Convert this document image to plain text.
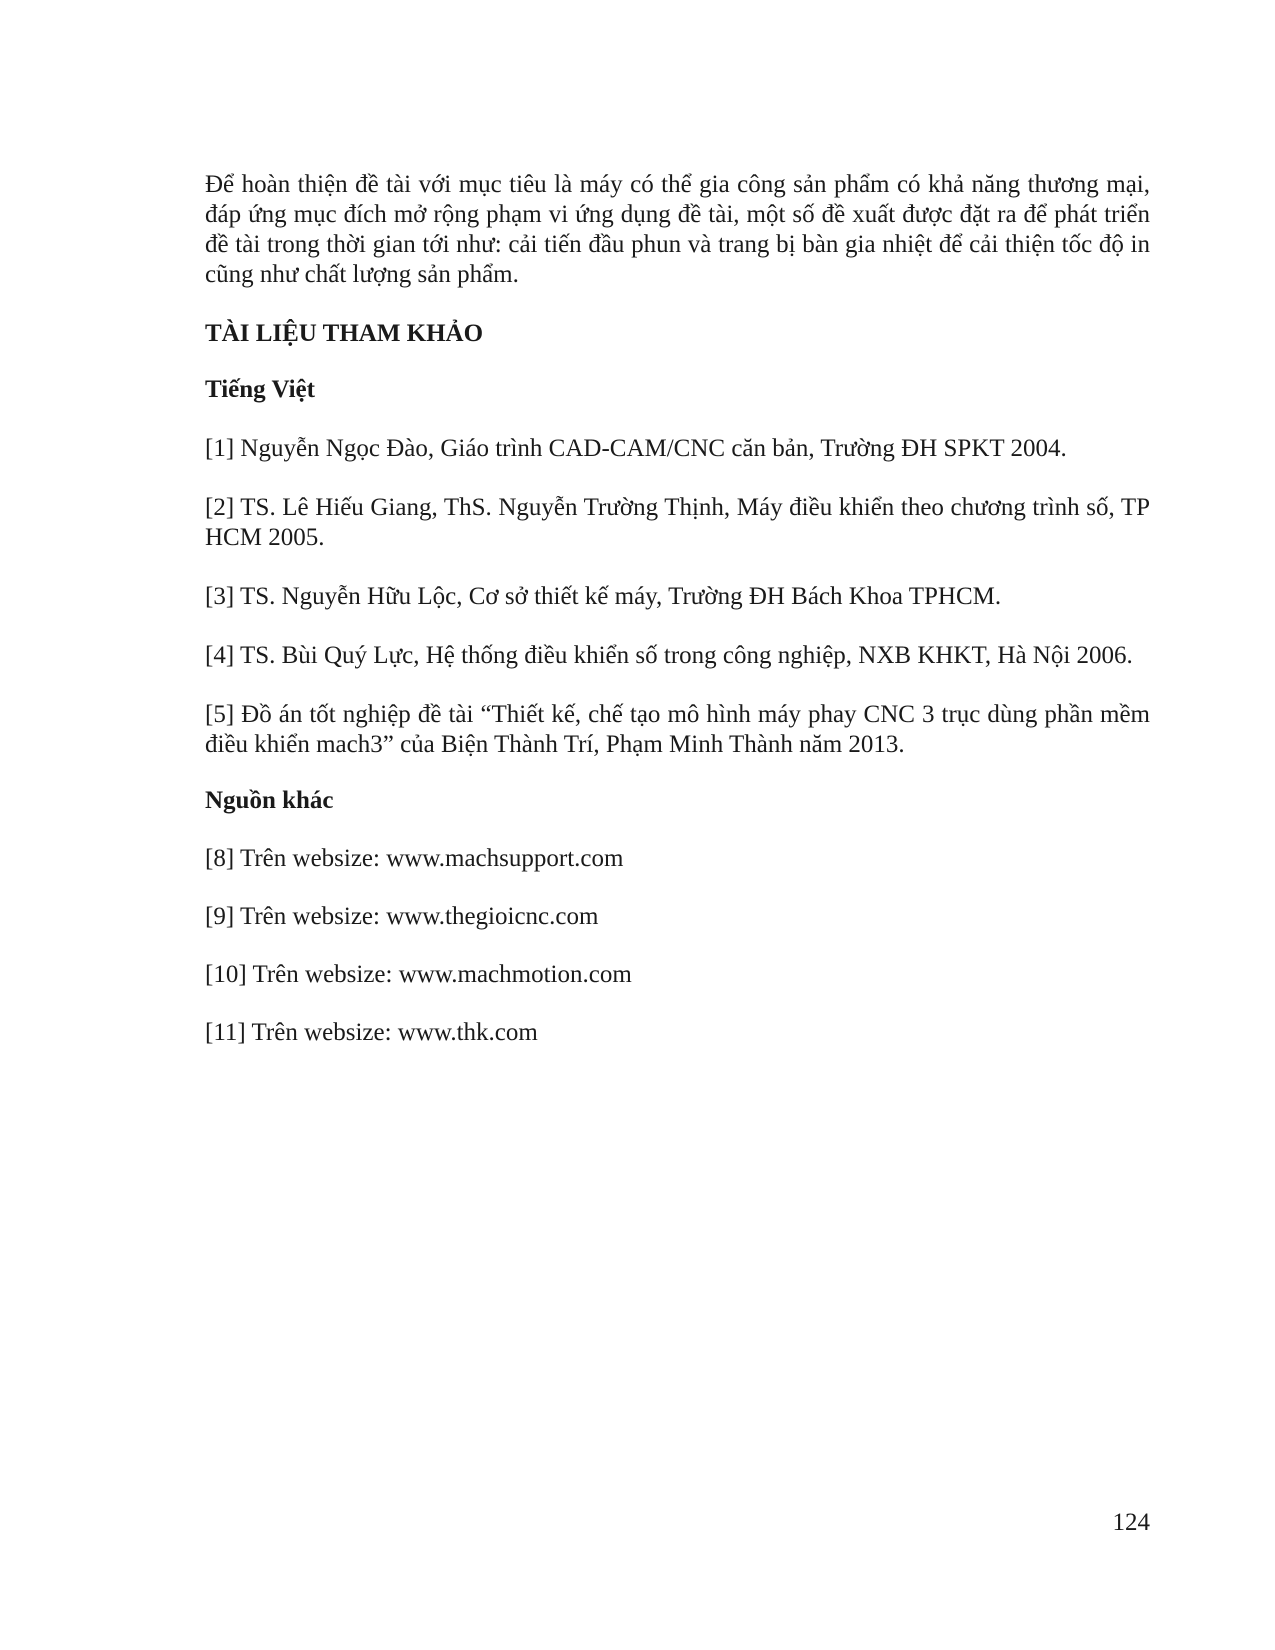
Để hoàn thiện đề tài với mục tiêu là máy có thể gia công sản phẩm có khả năng thương mại, đáp ứng mục đích mở rộng phạm vi ứng dụng đề tài, một số đề xuất được đặt ra để phát triển đề tài trong thời gian tới như: cải tiến đầu phun và trang bị bàn gia nhiệt để cải thiện tốc độ in cũng như chất lượng sản phẩm.

TÀI LIỆU THAM KHẢO

Tiếng Việt

[1] Nguyễn Ngọc Đào, Giáo trình CAD-CAM/CNC căn bản, Trường ĐH SPKT 2004.

[2] TS. Lê Hiếu Giang, ThS. Nguyễn Trường Thịnh, Máy điều khiển theo chương trình số, TP HCM 2005.

[3] TS. Nguyễn Hữu Lộc, Cơ sở thiết kế máy, Trường ĐH Bách Khoa TPHCM.

[4] TS. Bùi Quý Lực, Hệ thống điều khiển số trong công nghiệp, NXB KHKT, Hà Nội 2006.

[5] Đồ án tốt nghiệp đề tài “Thiết kế, chế tạo mô hình máy phay CNC 3 trục dùng phần mềm điều khiển mach3” của Biện Thành Trí, Phạm Minh Thành năm 2013.

Nguồn khác

[8] Trên websize: www.machsupport.com

[9] Trên websize: www.thegioicnc.com

[10] Trên websize: www.machmotion.com

[11] Trên websize: www.thk.com

124
